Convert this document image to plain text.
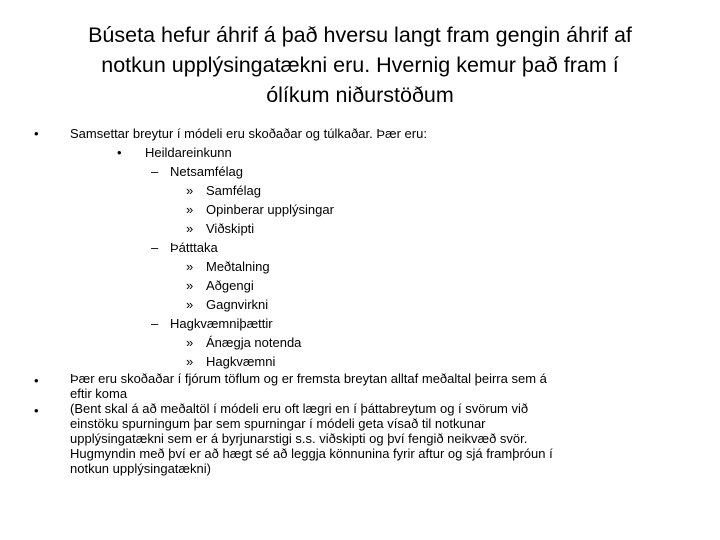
Búseta hefur áhrif á það hversu langt fram gengin áhrif af
notkun upplýsingatækni eru. Hvernig kemur það fram í
ólíkum niðurstöðum
• Samsettar breytur í módeli eru skoðaðar og túlkaðar. Þær eru:
• Heildareinkunn
– Netsamfélag
» Samfélag
» Opinberar upplýsingar
» Viðskipti
– Þátttaka
» Meðtalning
» Aðgengi
» Gagnvirkni
– Hagkvæmniþættir
» Ánægja notenda
» Hagkvæmni
• Þær eru skoðaðar í fjórum töflum og er fremsta breytan alltaf meðaltal þeirra sem á
eftir koma
• (Bent skal á að meðaltöl í módeli eru oft lægri en í þáttabreytum og í svörum við
einstöku spurningum þar sem spurningar í módeli geta vísað til notkunar
upplýsingatækni sem er á byrjunarstigi s.s. viðskipti og því fengið neikvæð svör.
Hugmyndin með því er að hægt sé að leggja könnunina fyrir aftur og sjá framþróun í
notkun upplýsingatækni)
